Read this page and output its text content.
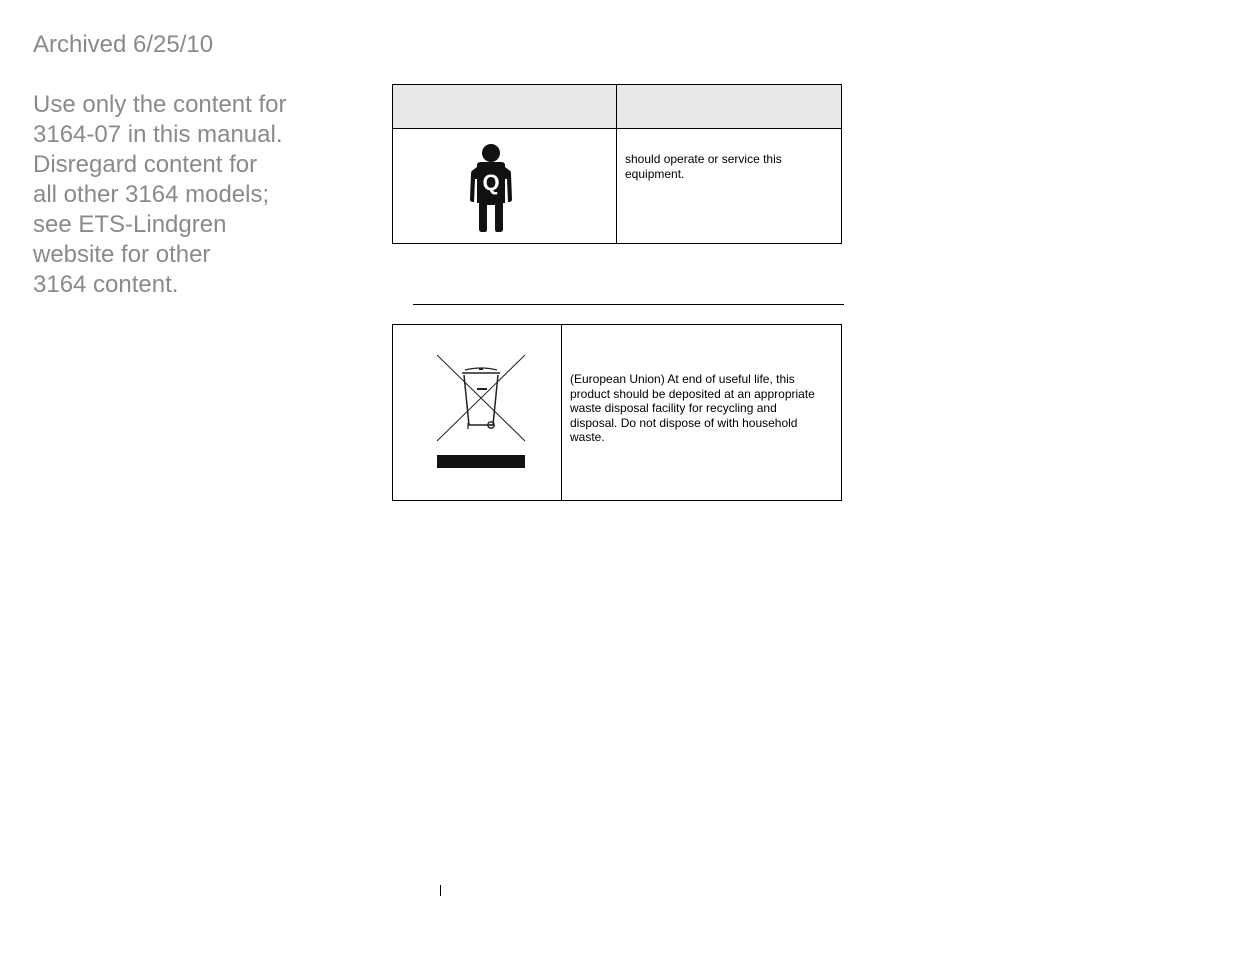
Archived 6/25/10
Use only the content for
3164-07 in this manual.
Disregard content for
all other 3164 models;
see ETS-Lindgren
website for other
3164 content.
Q
should operate or service this equipment.
(European Union) At end of useful life, this
product should be deposited at an appropriate
waste disposal facility for recycling and
disposal. Do not dispose of with household
waste.
